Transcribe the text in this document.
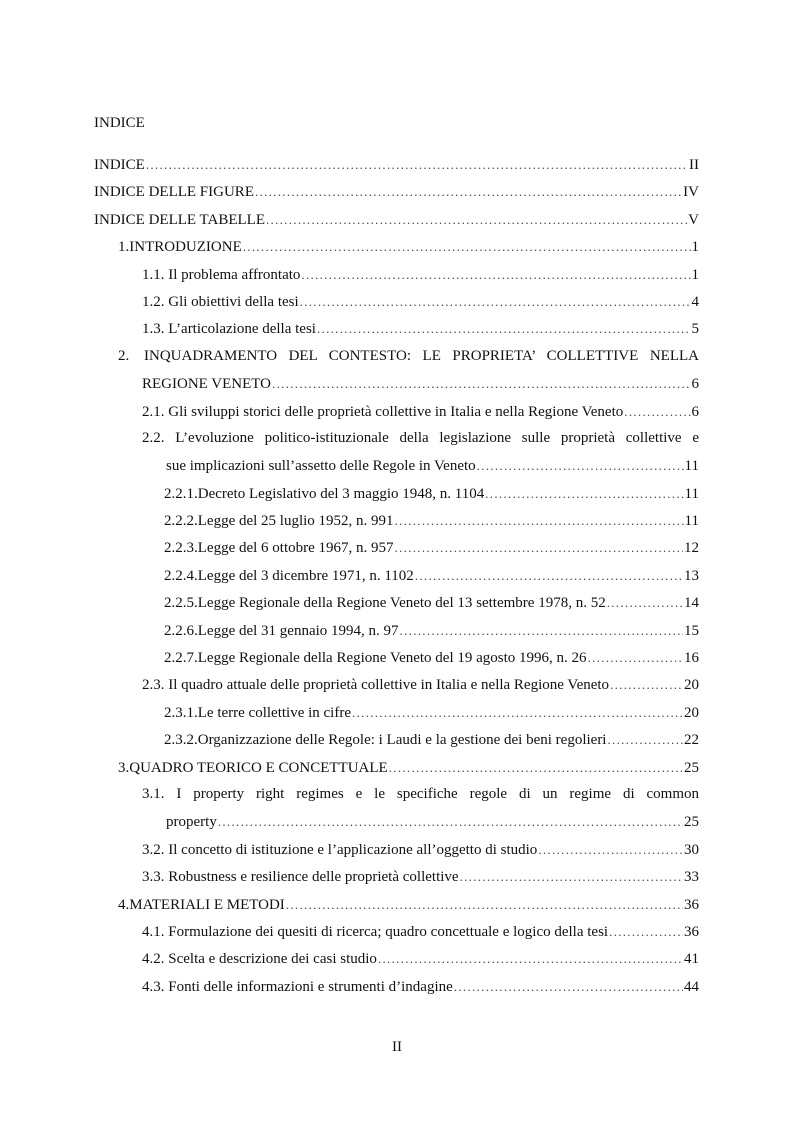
INDICE
INDICE .....	II
INDICE DELLE FIGURE .....	IV
INDICE DELLE TABELLE .....	V
1. INTRODUZIONE .....	1
1.1. Il problema affrontato .....	1
1.2. Gli obiettivi della tesi .....	4
1.3. L’articolazione della tesi .....	5
2. INQUADRAMENTO DEL CONTESTO: LE PROPRIETA’ COLLETTIVE NELLA
REGIONE VENETO .....	6
2.1. Gli sviluppi storici delle proprietà collettive in Italia e nella Regione Veneto .....	6
2.2. L’evoluzione politico-istituzionale della legislazione sulle proprietà collettive e
sue implicazioni sull’assetto delle Regole in Veneto .....	11
2.2.1. Decreto Legislativo del 3 maggio 1948, n. 1104 .....	11
2.2.2. Legge del 25 luglio 1952, n. 991 .....	11
2.2.3. Legge del 6 ottobre 1967, n. 957 .....	12
2.2.4. Legge del 3 dicembre 1971, n. 1102 .....	13
2.2.5. Legge Regionale della Regione Veneto del 13 settembre 1978, n. 52 .....	14
2.2.6. Legge del 31 gennaio 1994, n. 97 .....	15
2.2.7. Legge Regionale della Regione Veneto del 19 agosto 1996, n. 26 .....	16
2.3. Il quadro attuale delle proprietà collettive in Italia e nella Regione Veneto .....	20
2.3.1. Le terre collettive in cifre .....	20
2.3.2. Organizzazione delle Regole: i Laudi e la gestione dei beni regolieri .....	22
3. QUADRO TEORICO E CONCETTUALE .....	25
3.1. I property right regimes e le specifiche regole di un regime di common
property .....	25
3.2. Il concetto di istituzione e l’applicazione all’oggetto di studio .....	30
3.3. Robustness e resilience delle proprietà collettive .....	33
4. MATERIALI E METODI .....	36
4.1. Formulazione dei quesiti di ricerca; quadro concettuale e logico della tesi .....	36
4.2. Scelta e descrizione dei casi studio .....	41
4.3. Fonti delle informazioni e strumenti d’indagine .....	44
II
